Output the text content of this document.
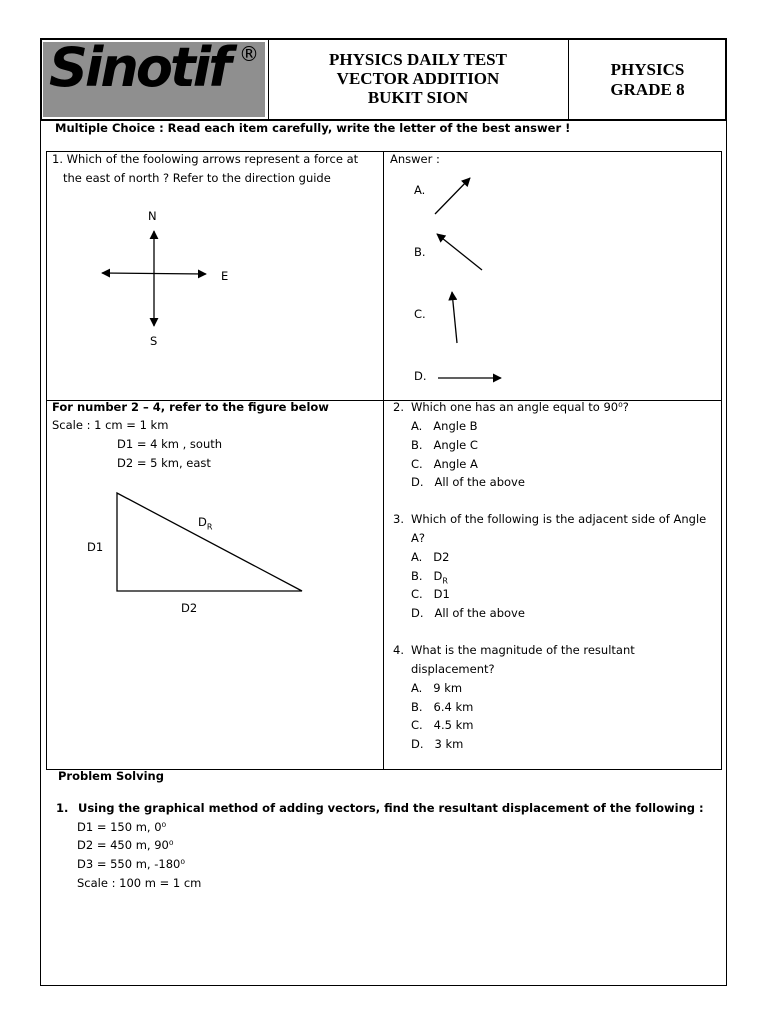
Sinotif ®	PHYSICS DAILY TEST
VECTOR ADDITION
BUKIT SION
PHYSICS
GRADE 8
Multiple Choice : Read each item carefully, write the letter of the best answer !
1. Which of the foolowing arrows represent a force at
the east of north ? Refer to the direction guide
N
E
S
Answer :
A.
B.
C.
D.
For number 2 – 4, refer to the figure below
Scale : 1 cm = 1 km
D1 = 4 km , south
D2 = 5 km, east
$D_R$
D1
D2
2. Which one has an angle equal to 90⁰?
A. Angle B
B. Angle C
C. Angle A
D. All of the above
3. Which of the following is the adjacent side of Angle
A?
A. D2
B. $D_R$
C. D1
D. All of the above
4. What is the magnitude of the resultant
displacement?
A. 9 km
B. 6.4 km
C. 4.5 km
D. 3 km
Problem Solving
1. Using the graphical method of adding vectors, find the resultant displacement of the following :
D1 = 150 m, 0⁰
D2 = 450 m, 90⁰
D3 = 550 m, -180⁰
Scale : 100 m = 1 cm
